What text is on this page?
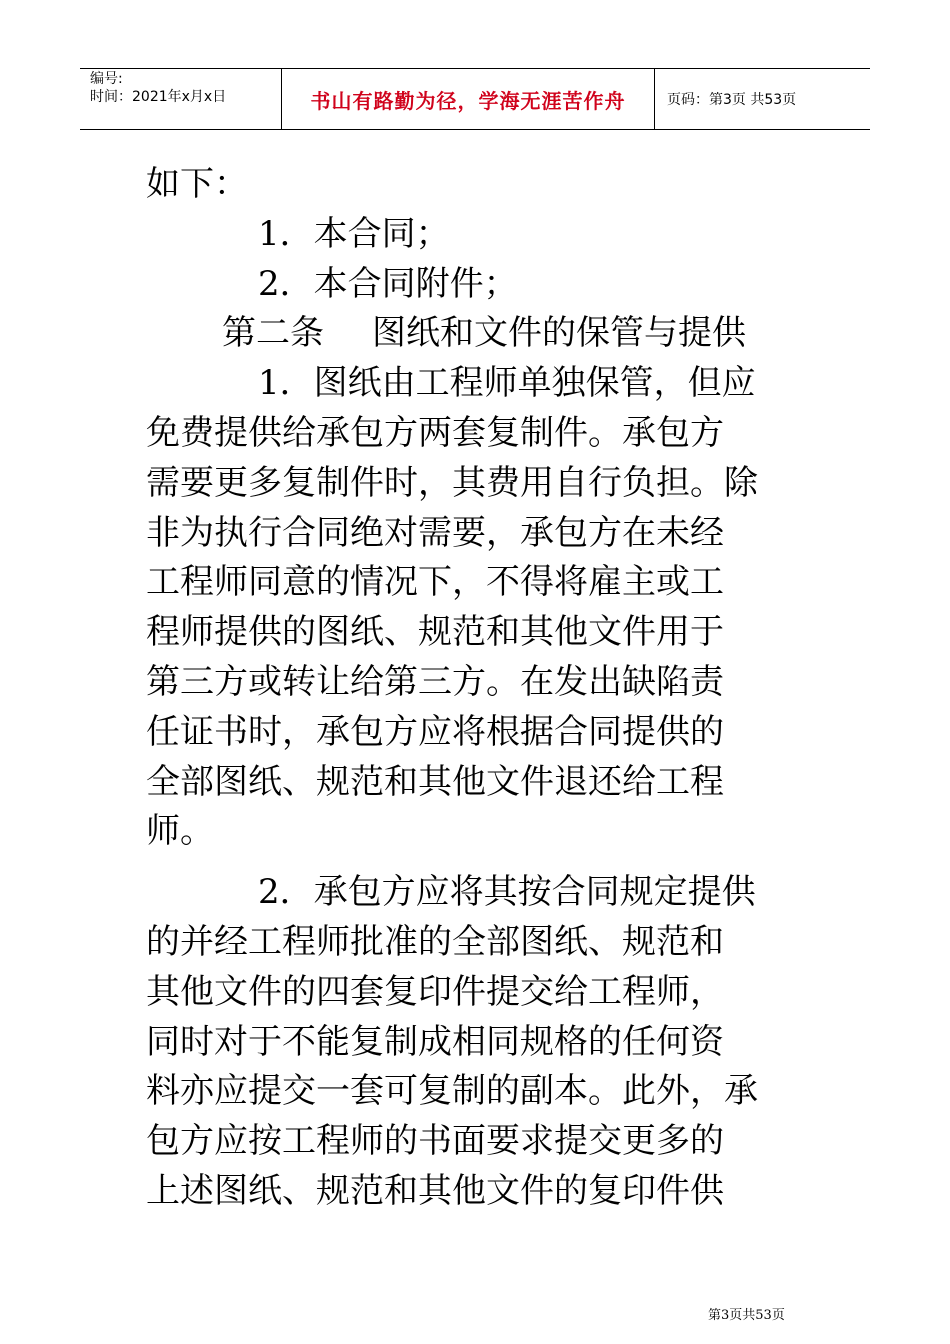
编号:
时间：2021年x月x日	书山有路勤为径，学海无涯苦作舟	页码：第3页 共53页

如下：

1．本合同；

2．本合同附件；

第二条 图纸和文件的保管与提供

1．图纸由工程师单独保管，但应

免费提供给承包方两套复制件。承包方

需要更多复制件时，其费用自行负担。除

非为执行合同绝对需要，承包方在未经

工程师同意的情况下，不得将雇主或工

程师提供的图纸、规范和其他文件用于

第三方或转让给第三方。在发出缺陷责

任证书时，承包方应将根据合同提供的

全部图纸、规范和其他文件退还给工程

师。

2．承包方应将其按合同规定提供

的并经工程师批准的全部图纸、规范和

其他文件的四套复印件提交给工程师，

同时对于不能复制成相同规格的任何资

料亦应提交一套可复制的副本。此外，承

包方应按工程师的书面要求提交更多的

上述图纸、规范和其他文件的复印件供

第3页共53页
